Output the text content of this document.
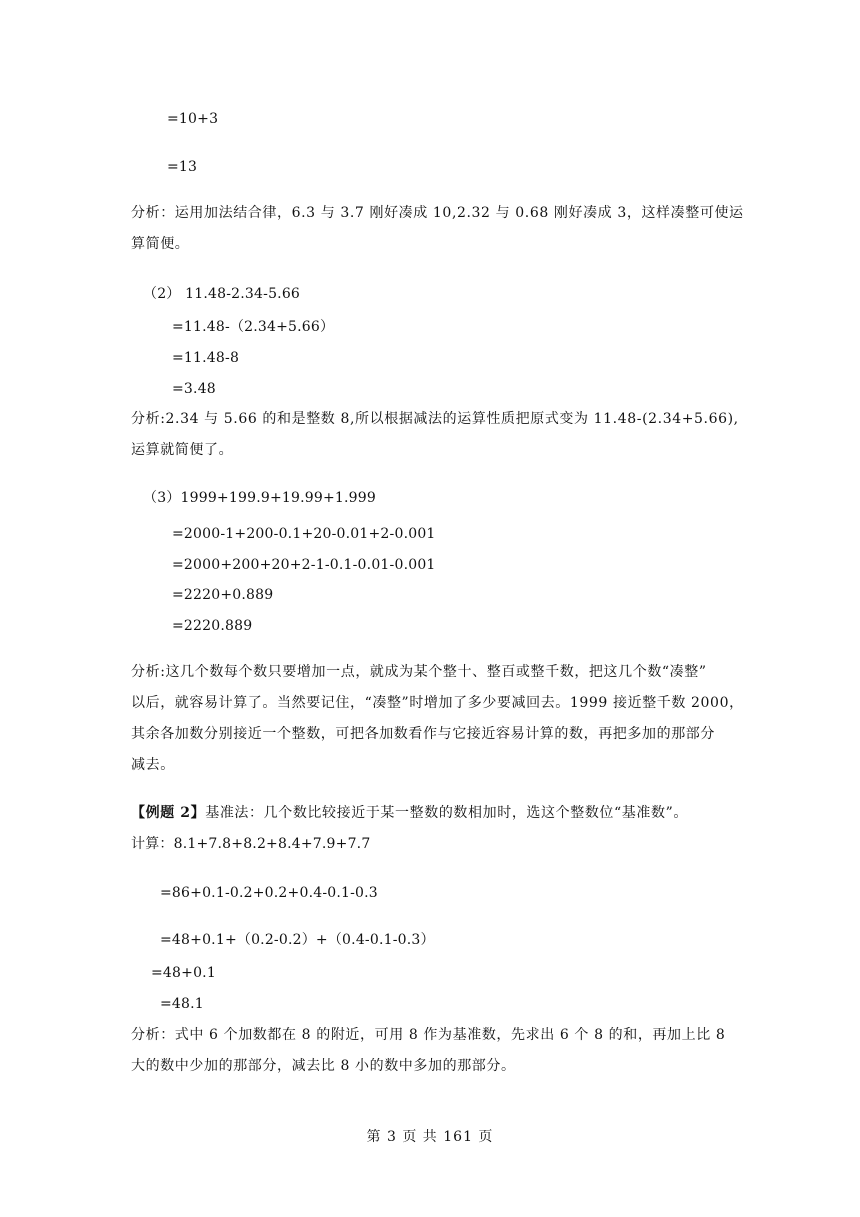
=10+3
=13
分析：运用加法结合律，6.3 与 3.7 刚好凑成 10,2.32 与 0.68 刚好凑成 3，这样凑整可使运
算简便。
（2） 11.48-2.34-5.66
=11.48-（2.34+5.66）
=11.48-8
=3.48
分析:2.34 与 5.66 的和是整数 8,所以根据减法的运算性质把原式变为 11.48-(2.34+5.66),
运算就简便了。
（3）1999+199.9+19.99+1.999
=2000-1+200-0.1+20-0.01+2-0.001
=2000+200+20+2-1-0.1-0.01-0.001
=2220+0.889
=2220.889
分析:这几个数每个数只要增加一点，就成为某个整十、整百或整千数，把这几个数“凑整”
以后，就容易计算了。当然要记住，“凑整”时增加了多少要减回去。1999 接近整千数 2000，
其余各加数分别接近一个整数，可把各加数看作与它接近容易计算的数，再把多加的那部分
减去。
【例题 2】基准法：几个数比较接近于某一整数的数相加时，选这个整数位“基准数”。
计算：8.1+7.8+8.2+8.4+7.9+7.7
=86+0.1-0.2+0.2+0.4-0.1-0.3
=48+0.1+（0.2-0.2）+（0.4-0.1-0.3）
=48+0.1
=48.1
分析：式中 6 个加数都在 8 的附近，可用 8 作为基准数，先求出 6 个 8 的和，再加上比 8
大的数中少加的那部分，减去比 8 小的数中多加的那部分。
第 3 页 共 161 页
